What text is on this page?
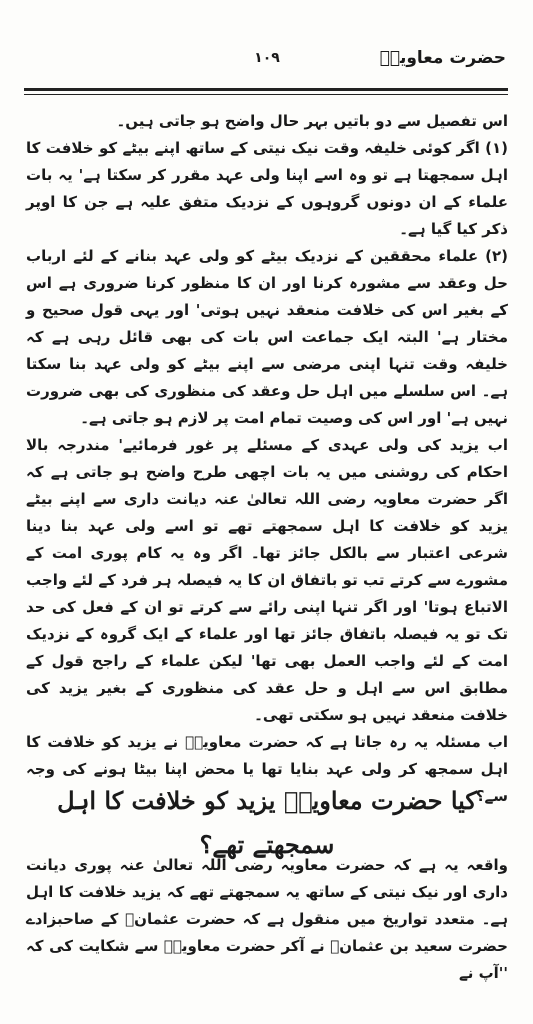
حضرت معاویہؓ
۱۰۹

اس تفصیل سے دو باتیں بہر حال واضح ہو جاتی ہیں۔

(۱) اگر کوئی خلیفہ وقت نیک نیتی کے ساتھ اپنے بیٹے کو خلافت کا اہل سمجھتا ہے تو وہ اسے اپنا ولی عہد مقرر کر سکتا ہے' یہ بات علماء کے ان دونوں گروہوں کے نزدیک متفق علیہ ہے جن کا اوپر ذکر کیا گیا ہے۔

(۲) علماء محققین کے نزدیک بیٹے کو ولی عہد بنانے کے لئے ارباب حل وعقد سے مشورہ کرنا اور ان کا منظور کرنا ضروری ہے اس کے بغیر اس کی خلافت منعقد نہیں ہوتی' اور یہی قول صحیح و مختار ہے' البتہ ایک جماعت اس بات کی بھی قائل رہی ہے کہ خلیفہ وقت تنہا اپنی مرضی سے اپنے بیٹے کو ولی عہد بنا سکتا ہے۔ اس سلسلے میں اہل حل وعقد کی منظوری کی بھی ضرورت نہیں ہے' اور اس کی وصیت تمام امت پر لازم ہو جاتی ہے۔

اب یزید کی ولی عہدی کے مسئلے پر غور فرمائیے' مندرجہ بالا احکام کی روشنی میں یہ بات اچھی طرح واضح ہو جاتی ہے کہ اگر حضرت معاویہ رضی اللہ تعالیٰ عنہ دیانت داری سے اپنے بیٹے یزید کو خلافت کا اہل سمجھتے تھے تو اسے ولی عہد بنا دینا شرعی اعتبار سے بالکل جائز تھا۔ اگر وہ یہ کام پوری امت کے مشورے سے کرتے تب تو باتفاق ان کا یہ فیصلہ ہر فرد کے لئے واجب الاتباع ہوتا' اور اگر تنہا اپنی رائے سے کرتے تو ان کے فعل کی حد تک تو یہ فیصلہ باتفاق جائز تھا اور علماء کے ایک گروہ کے نزدیک امت کے لئے واجب العمل بھی تھا' لیکن علماء کے راجح قول کے مطابق اس سے اہل و حل عقد کی منظوری کے بغیر یزید کی خلافت منعقد نہیں ہو سکتی تھی۔

اب مسئلہ یہ رہ جاتا ہے کہ حضرت معاویہؓ نے یزید کو خلافت کا اہل سمجھ کر ولی عہد بنایا تھا یا محض اپنا بیٹا ہونے کی وجہ سے؟

کیا حضرت معاویہؓ یزید کو خلافت کا اہل سمجھتے تھے؟

واقعہ یہ ہے کہ حضرت معاویہ رضی اللہ تعالیٰ عنہ پوری دیانت داری اور نیک نیتی کے ساتھ یہ سمجھتے تھے کہ یزید خلافت کا اہل ہے۔ متعدد تواریخ میں منقول ہے کہ حضرت عثمانؓ کے صاحبزادے حضرت سعید بن عثمانؓ نے آکر حضرت معاویہؓ سے شکایت کی کہ ''آپ نے
